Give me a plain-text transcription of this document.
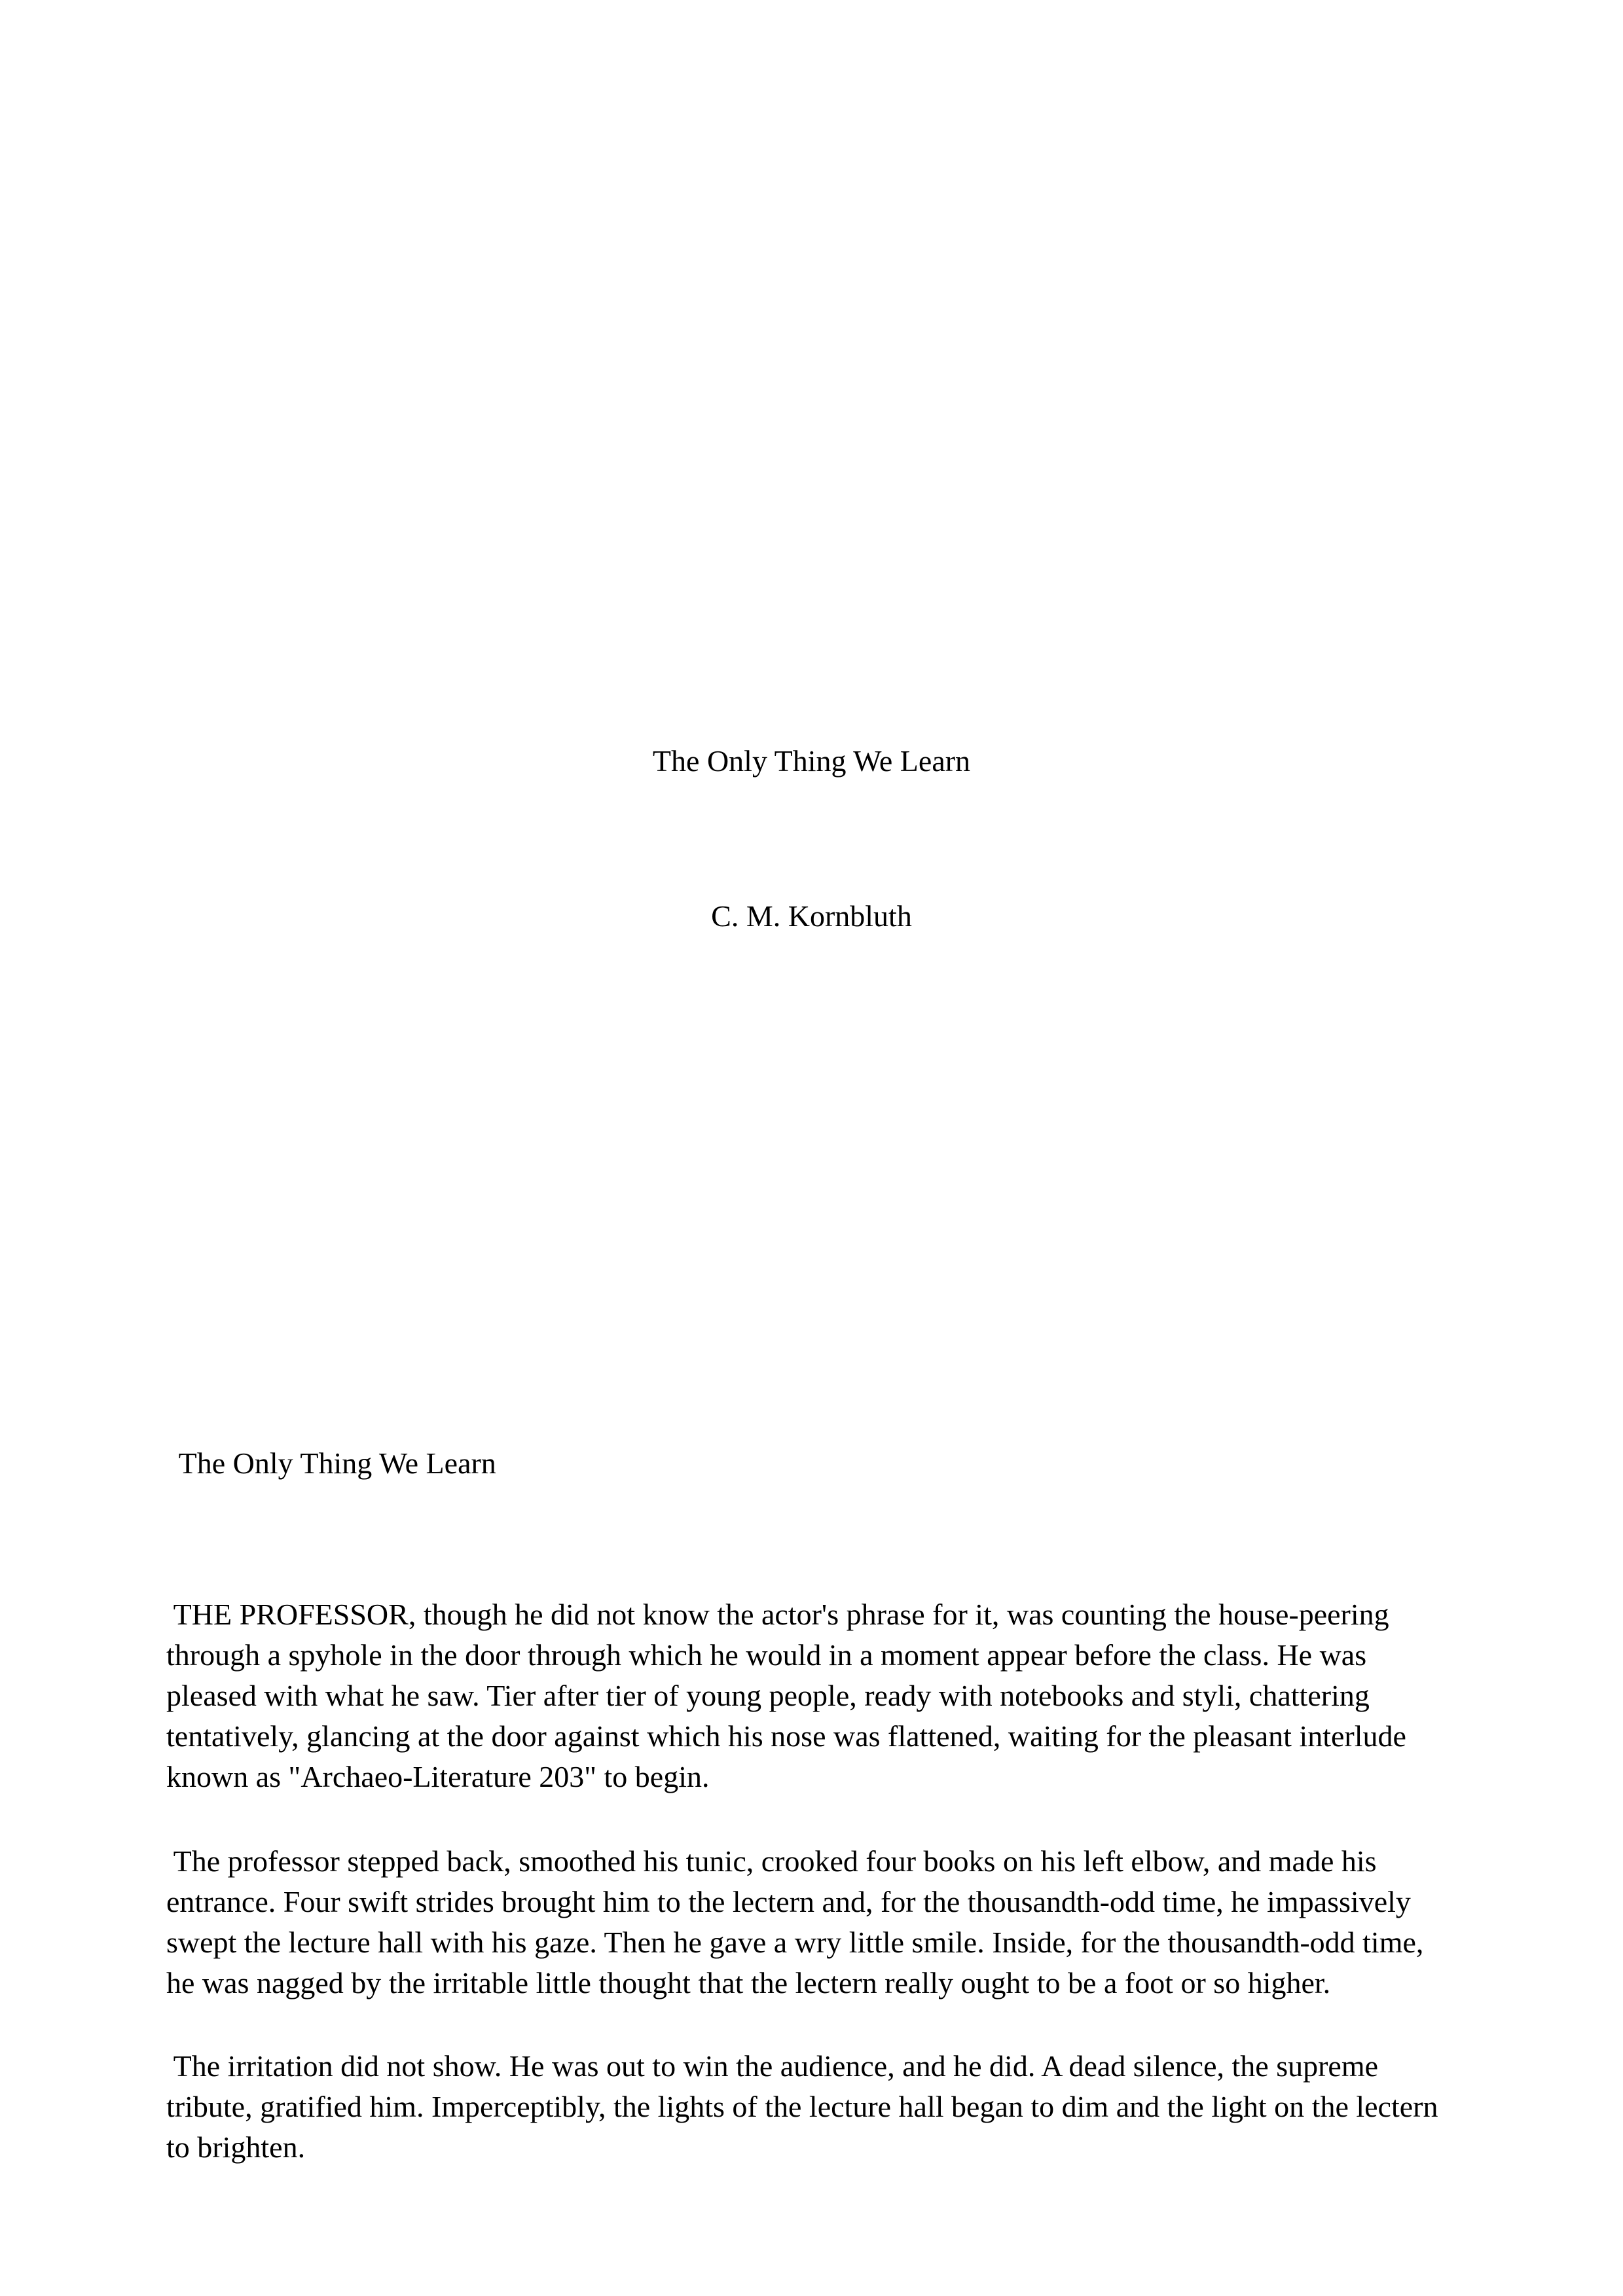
The Only Thing We Learn
C. M. Kornbluth
The Only Thing We Learn
THE PROFESSOR, though he did not know the actor's phrase for it, was counting the house-peering
through a spyhole in the door through which he would in a moment appear before the class. He was
pleased with what he saw. Tier after tier of young people, ready with notebooks and styli, chattering
tentatively, glancing at the door against which his nose was flattened, waiting for the pleasant interlude
known as "Archaeo-Literature 203" to begin.
The professor stepped back, smoothed his tunic, crooked four books on his left elbow, and made his
entrance. Four swift strides brought him to the lectern and, for the thousandth-odd time, he impassively
swept the lecture hall with his gaze. Then he gave a wry little smile. Inside, for the thousandth-odd time,
he was nagged by the irritable little thought that the lectern really ought to be a foot or so higher.
The irritation did not show. He was out to win the audience, and he did. A dead silence, the supreme
tribute, gratified him. Imperceptibly, the lights of the lecture hall began to dim and the light on the lectern
to brighten.
